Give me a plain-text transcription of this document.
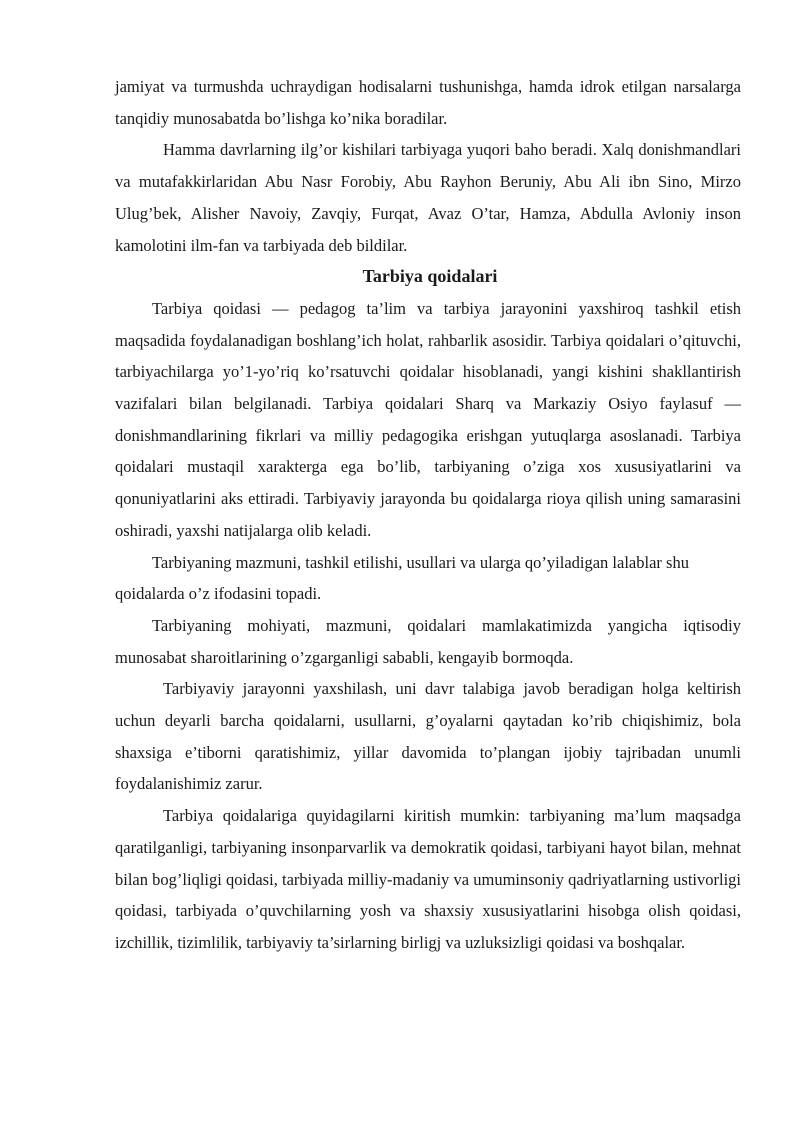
jamiyat va turmushda uchraydigan hodisalarni tushunishga, hamda idrok etilgan narsalarga tanqidiy munosabatda bo’lishga ko’nika boradilar.

Hamma davrlarning ilg’or kishilari tarbiyaga yuqori baho beradi. Xalq donishmandlari va mutafakkirlaridan Abu Nasr Forobiy, Abu Rayhon Beruniy, Abu Ali ibn Sino, Mirzo Ulug’bek, Alisher Navoiy, Zavqiy, Furqat, Avaz O’tar, Hamza, Abdulla Avloniy inson kamolotini ilm-fan va tarbiyada deb bildilar.

Tarbiya qoidalari

Tarbiya qoidasi — pedagog ta’lim va tarbiya jarayonini yaxshiroq tashkil etish maqsadida foydalanadigan boshlang’ich holat, rahbarlik asosidir. Tarbiya qoidalari o’qituvchi, tarbiyachilarga yo’1-yo’riq ko’rsatuvchi qoidalar hisoblanadi, yangi kishini shakllantirish vazifalari bilan belgilanadi. Tarbiya qoidalari Sharq va Markaziy Osiyo faylasuf — donishmandlarining fikrlari va milliy pedagogika erishgan yutuqlarga asoslanadi. Tarbiya qoidalari mustaqil xarakterga ega bo’lib, tarbiyaning o’ziga xos xususiyatlarini va qonuniyatlarini aks ettiradi. Tarbiyaviy jarayonda bu qoidalarga rioya qilish uning samarasini oshiradi, yaxshi natijalarga olib keladi.

Tarbiyaning mazmuni, tashkil etilishi, usullari va ularga qo’yiladigan lalablar shu qoidalarda o’z ifodasini topadi.

Tarbiyaning mohiyati, mazmuni, qoidalari mamlakatimizda yangicha iqtisodiy munosabat sharoitlarining o’zgarganligi sababli, kengayib bormoqda.

Tarbiyaviy jarayonni yaxshilash, uni davr talabiga javob beradigan holga keltirish uchun deyarli barcha qoidalarni, usullarni, g’oyalarni qaytadan ko’rib chiqishimiz, bola shaxsiga e’tiborni qaratishimiz, yillar davomida to’plangan ijobiy tajribadan unumli foydalanishimiz zarur.

Tarbiya qoidalariga quyidagilarni kiritish mumkin: tarbiyaning ma’lum maqsadga qaratilganligi, tarbiyaning insonparvarlik va demokratik qoidasi, tarbiyani hayot bilan, mehnat bilan bog’liqligi qoidasi, tarbiyada milliy-madaniy va umuminsoniy qadriyatlarning ustivorligi qoidasi, tarbiyada o’quvchilarning yosh va shaxsiy xususiyatlarini hisobga olish qoidasi, izchillik, tizimlilik, tarbiyaviy ta’sirlarning birligj va uzluksizligi qoidasi va boshqalar.
